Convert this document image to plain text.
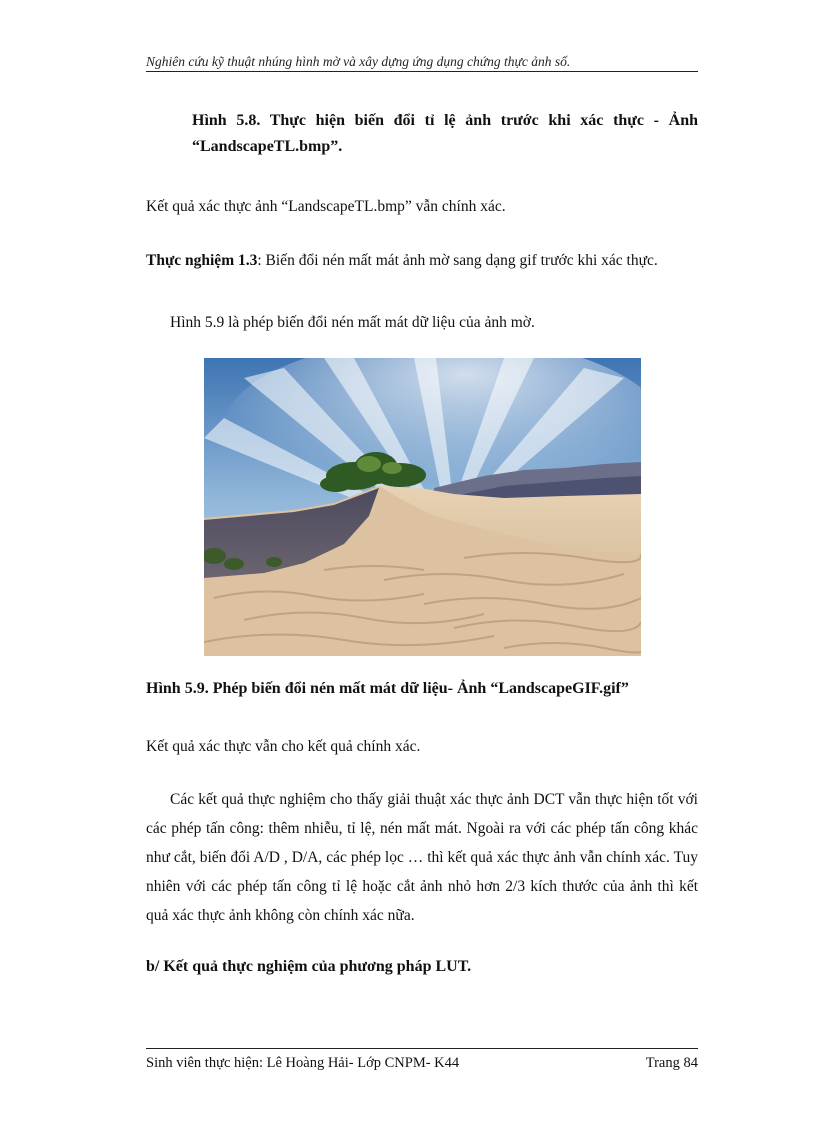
Nghiên cứu kỹ thuật nhúng hình mờ và xây dựng ứng dụng chứng thực ảnh số.
Hình 5.8. Thực hiện biến đổi tỉ lệ ảnh trước khi xác thực - Ảnh “LandscapeTL.bmp”.
Kết quả xác thực ảnh “LandscapeTL.bmp” vẫn chính xác.
Thực nghiệm 1.3: Biến đổi nén mất mát ảnh mờ sang dạng gif trước khi xác thực.
Hình 5.9 là phép biến đổi nén mất mát dữ liệu của ảnh mờ.
Hình 5.9. Phép biến đổi nén mất mát dữ liệu- Ảnh “LandscapeGIF.gif”
Kết quả xác thực vẫn cho kết quả chính xác.
Các kết quả thực nghiệm cho thấy giải thuật xác thực ảnh DCT vẫn thực hiện tốt với các phép tấn công: thêm nhiễu, tỉ lệ, nén mất mát. Ngoài ra với các phép tấn công khác như cắt, biến đổi A/D , D/A, các phép lọc … thì kết quả xác thực ảnh vẫn chính xác. Tuy nhiên với các phép tấn công tỉ lệ hoặc cắt ảnh nhỏ hơn 2/3 kích thước của ảnh thì kết quả xác thực ảnh không còn chính xác nữa.
b/ Kết quả thực nghiệm của phương pháp LUT.
Sinh viên thực hiện: Lê Hoàng Hải- Lớp CNPM- K44	Trang 84
